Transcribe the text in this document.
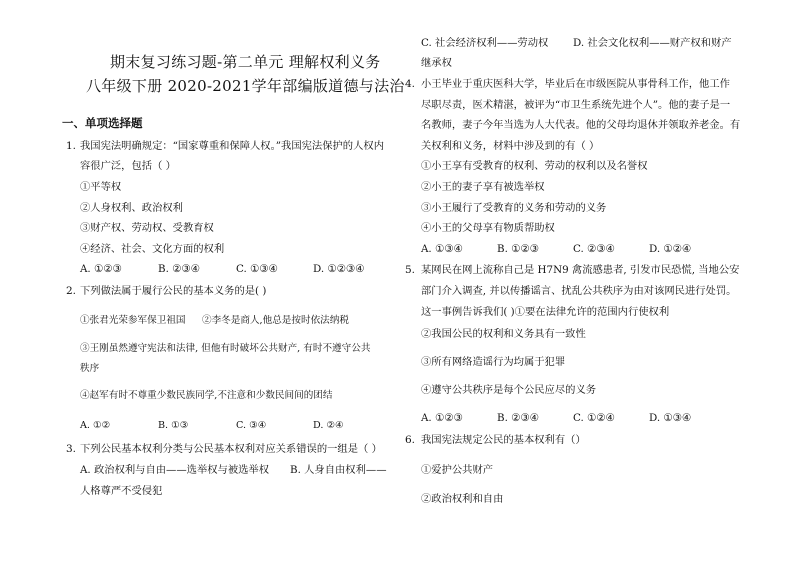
期末复习练习题-第二单元 理解权利义务
八年级下册 2020-2021学年部编版道德与法治
一、单项选择题
1. 我国宪法明确规定：“国家尊重和保障人权。”我国宪法保护的人权内
容很广泛，包括（ ）
①平等权
②人身权利、政治权利
③财产权、劳动权、受教育权
④经济、社会、文化方面的权利
A. ①②③	B. ②③④	C. ①③④	D. ①②③④
2. 下列做法属于履行公民的基本义务的是( )
①张君光荣参军保卫祖国 ②李冬是商人,他总是按时依法纳税
③王刚虽然遵守宪法和法律, 但他有时破坏公共财产, 有时不遵守公共
秩序
④赵军有时不尊重少数民族同学,不注意和少数民间间的团结
A. ①②	B. ①③	C. ③④	D. ②④
3. 下列公民基本权利分类与公民基本权利对应关系错误的一组是（ ）
A. 政治权利与自由——选举权与被选举权 B. 人身自由权利——
人格尊严不受侵犯
C. 社会经济权利——劳动权 D. 社会文化权利——财产权和财产
继承权
4. 小王毕业于重庆医科大学，毕业后在市级医院从事骨科工作，他工作
尽职尽责，医术精湛，被评为“市卫生系统先进个人”。他的妻子是一
名教师，妻子今年当选为人大代表。他的父母均退休并领取养老金。有
关权利和义务，材料中涉及到的有（ ）
①小王享有受教育的权利、劳动的权利以及名誉权
②小王的妻子享有被选举权
③小王履行了受教育的义务和劳动的义务
④小王的父母享有物质帮助权
A. ①③④	B. ①②③	C. ②③④	D. ①②④
5. 某网民在网上流称自己是 H7N9 禽流感患者, 引发市民恐慌, 当地公安
部门介入调查, 并以传播谣言、扰乱公共秩序为由对该网民进行处罚。
这一事例告诉我们( )①要在法律允许的范围内行使权利
②我国公民的权利和义务具有一致性
③所有网络造谣行为均属于犯罪
④遵守公共秩序是每个公民应尽的义务
A. ①②③	B. ②③④	C. ①②④	D. ①③④
6. 我国宪法规定公民的基本权利有（）
①爱护公共财产
②政治权利和自由
